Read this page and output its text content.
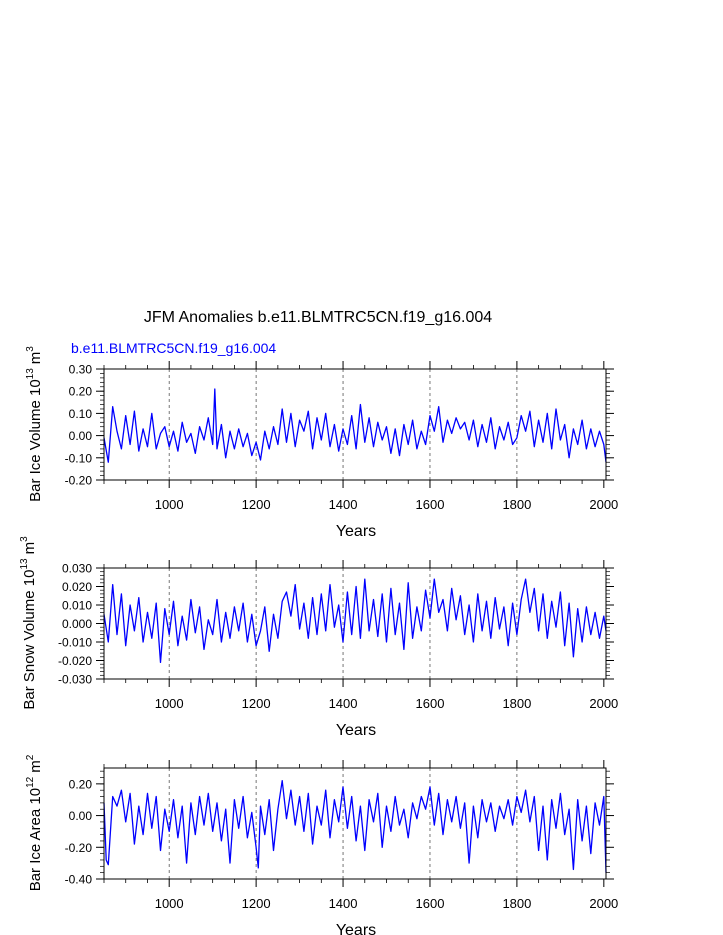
JFM Anomalies b.e11.BLMTRC5CN.f19_g16.004
b.e11.BLMTRC5CN.f19_g16.004
1000	1200	1400	1600	1800	2000
-0.20
-0.10
0.00
0.10
0.20
0.30
Years
Bar Ice Volume $10^{13}m^3$
1000	1200	1400	1600	1800	2000
-0.030
-0.020
-0.010
0.000
0.010
0.020
0.030
Years
Bar Snow Volume $10^{13}m^3$
1000	1200	1400	1600	1800	2000
-0.40
-0.20
0.00
0.20
Years
Bar Ice Area $10^{12}m^2$
